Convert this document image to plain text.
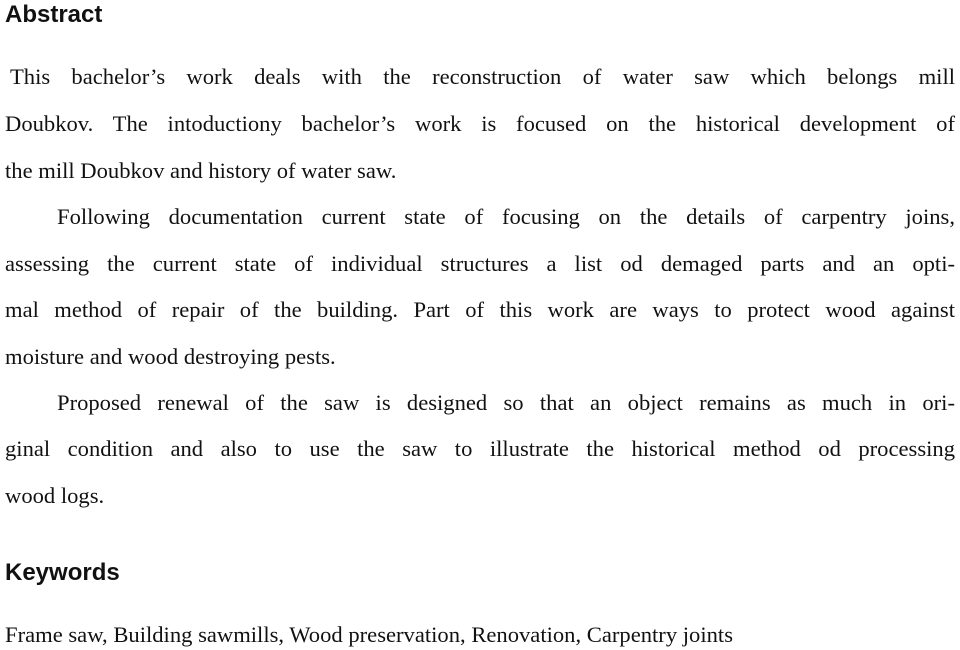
Abstract
This bachelor’s work deals with the reconstruction of water saw which belongs mill
Doubkov. The intoductiony bachelor’s work is focused on the historical development of
the mill Doubkov and history of water saw.
Following documentation current state of focusing on the details of carpentry joins,
assessing the current state of individual structures a list od demaged parts and an opti-
mal method of repair of the building. Part of this work are ways to protect wood against
moisture and wood destroying pests.
Proposed renewal of the saw is designed so that an object remains as much in ori-
ginal condition and also to use the saw to illustrate the historical method od processing
wood logs.
Keywords
Frame saw, Building sawmills, Wood preservation, Renovation, Carpentry joints
